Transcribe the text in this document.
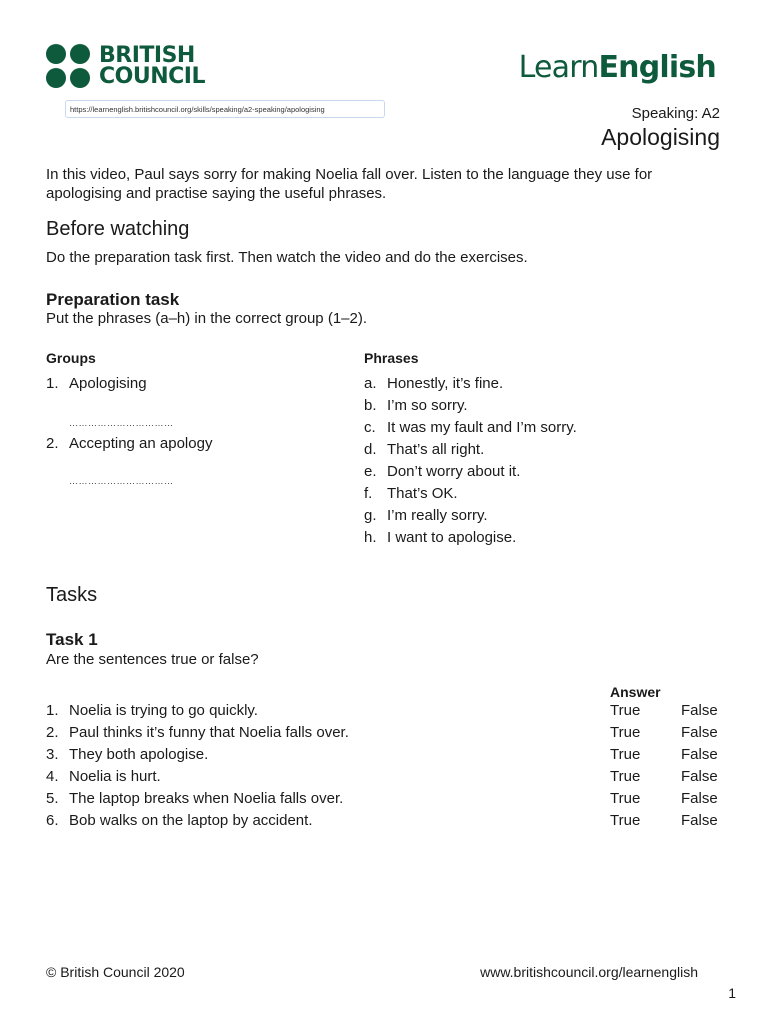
BRITISH
COUNCIL	LearnEnglish
https://learnenglish.britishcouncil.org/skills/speaking/a2-speaking/apologising	Speaking: A2
Apologising
In this video, Paul says sorry for making Noelia fall over. Listen to the language they use for apologising and practise saying the useful phrases.
Before watching
Do the preparation task first. Then watch the video and do the exercises.
Preparation task
Put the phrases (a–h) in the correct group (1–2).
Groups
1. Apologising
……………………………
2. Accepting an apology
……………………………
Phrases
a. Honestly, it’s fine.
b. I’m so sorry.
c. It was my fault and I’m sorry.
d. That’s all right.
e. Don’t worry about it.
f. That’s OK.
g. I’m really sorry.
h. I want to apologise.
Tasks
Task 1
Are the sentences true or false?
Answer
1. Noelia is trying to go quickly.	True	False
2. Paul thinks it’s funny that Noelia falls over.	True	False
3. They both apologise.	True	False
4. Noelia is hurt.	True	False
5. The laptop breaks when Noelia falls over.	True	False
6. Bob walks on the laptop by accident.	True	False
© British Council 2020	www.britishcouncil.org/learnenglish
1
